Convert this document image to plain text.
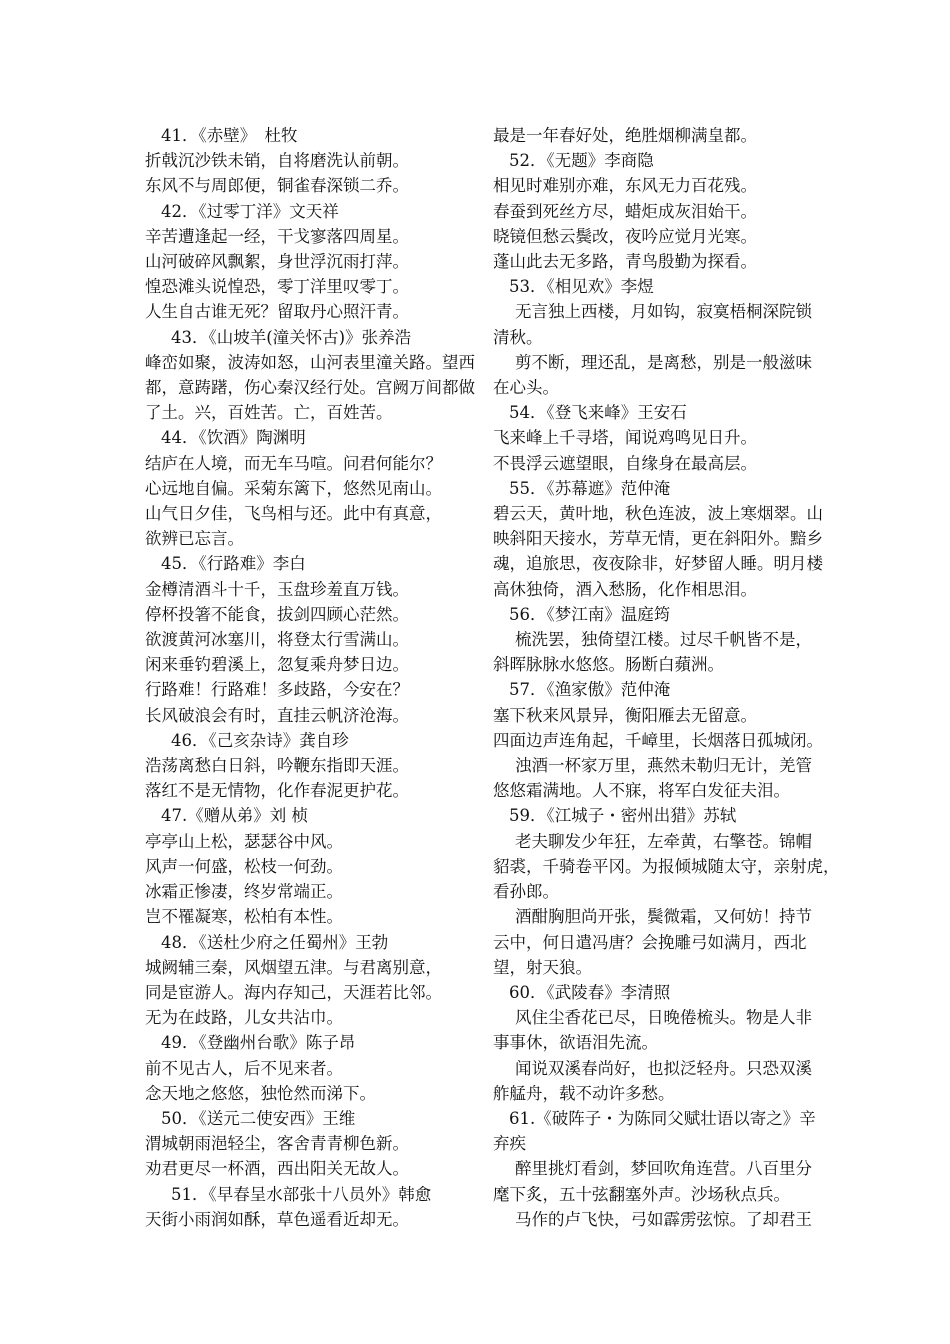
41．《赤壁》　杜牧
折戟沉沙铁未销，自将磨洗认前朝。
东风不与周郎便，铜雀春深锁二乔。
42．《过零丁洋》文天祥
辛苦遭逢起一经，干戈寥落四周星。
山河破碎风飘絮，身世浮沉雨打萍。
惶恐滩头说惶恐，零丁洋里叹零丁。
人生自古谁无死？留取丹心照汗青。
43．《山坡羊(潼关怀古)》张养浩
峰峦如聚，波涛如怒，山河表里潼关路。望西
都，意踌躇，伤心秦汉经行处。宫阙万间都做
了土。兴，百姓苦。亡，百姓苦。
44．《饮酒》陶渊明
结庐在人境，而无车马喧。问君何能尔？
心远地自偏。采菊东篱下，悠然见南山。
山气日夕佳，飞鸟相与还。此中有真意，
欲辨已忘言。
45．《行路难》李白
金樽清酒斗十千，玉盘珍羞直万钱。
停杯投箸不能食，拔剑四顾心茫然。
欲渡黄河冰塞川，将登太行雪满山。
闲来垂钓碧溪上，忽复乘舟梦日边。
行路难！行路难！多歧路，今安在？
长风破浪会有时，直挂云帆济沧海。
46．《己亥杂诗》龚自珍
浩荡离愁白日斜，吟鞭东指即天涯。
落红不是无情物，化作春泥更护花。
47.《赠从弟》刘 桢
亭亭山上松，瑟瑟谷中风。
风声一何盛，松枝一何劲。
冰霜正惨凄，终岁常端正。
岂不罹凝寒，松柏有本性。
48．《送杜少府之任蜀州》王勃
城阙辅三秦，风烟望五津。与君离别意，
同是宦游人。海内存知己，天涯若比邻。
无为在歧路，儿女共沾巾。
49．《登幽州台歌》陈子昂
前不见古人，后不见来者。
念天地之悠悠，独怆然而涕下。
50．《送元二使安西》王维
渭城朝雨浥轻尘，客舍青青柳色新。
劝君更尽一杯酒，西出阳关无故人。
51．《早春呈水部张十八员外》韩愈
天街小雨润如酥，草色遥看近却无。
最是一年春好处，绝胜烟柳满皇都。
52．《无题》李商隐
相见时难别亦难，东风无力百花残。
春蚕到死丝方尽，蜡炬成灰泪始干。
晓镜但愁云鬓改，夜吟应觉月光寒。
蓬山此去无多路，青鸟殷勤为探看。
53．《相见欢》李煜
无言独上西楼，月如钩，寂寞梧桐深院锁
清秋。
剪不断，理还乱，是离愁，别是一般滋味
在心头。
54．《登飞来峰》王安石
飞来峰上千寻塔，闻说鸡鸣见日升。
不畏浮云遮望眼，自缘身在最高层。
55．《苏幕遮》范仲淹
碧云天，黄叶地，秋色连波，波上寒烟翠。山
映斜阳天接水，芳草无情，更在斜阳外。黯乡
魂，追旅思，夜夜除非，好梦留人睡。明月楼
高休独倚，酒入愁肠，化作相思泪。
56．《梦江南》温庭筠
梳洗罢，独倚望江楼。过尽千帆皆不是，
斜晖脉脉水悠悠。肠断白蘋洲。
57．《渔家傲》范仲淹
塞下秋来风景异，衡阳雁去无留意。
四面边声连角起，千嶂里，长烟落日孤城闭。
浊酒一杯家万里，燕然未勒归无计，羌管
悠悠霜满地。人不寐，将军白发征夫泪。
59．《江城子・密州出猎》苏轼
老夫聊发少年狂，左牵黄，右擎苍。锦帽
貂裘，千骑卷平冈。为报倾城随太守，亲射虎，
看孙郎。
酒酣胸胆尚开张，鬓微霜，又何妨！持节
云中，何日遣冯唐？会挽雕弓如满月，西北
望，射天狼。
60．《武陵春》李清照
风住尘香花已尽，日晚倦梳头。物是人非
事事休，欲语泪先流。
闻说双溪春尚好，也拟泛轻舟。只恐双溪
舴艋舟，载不动许多愁。
61.《破阵子・为陈同父赋壮语以寄之》辛
弃疾
醉里挑灯看剑，梦回吹角连营。八百里分
麾下炙，五十弦翻塞外声。沙场秋点兵。
马作的卢飞快，弓如霹雳弦惊。了却君王
